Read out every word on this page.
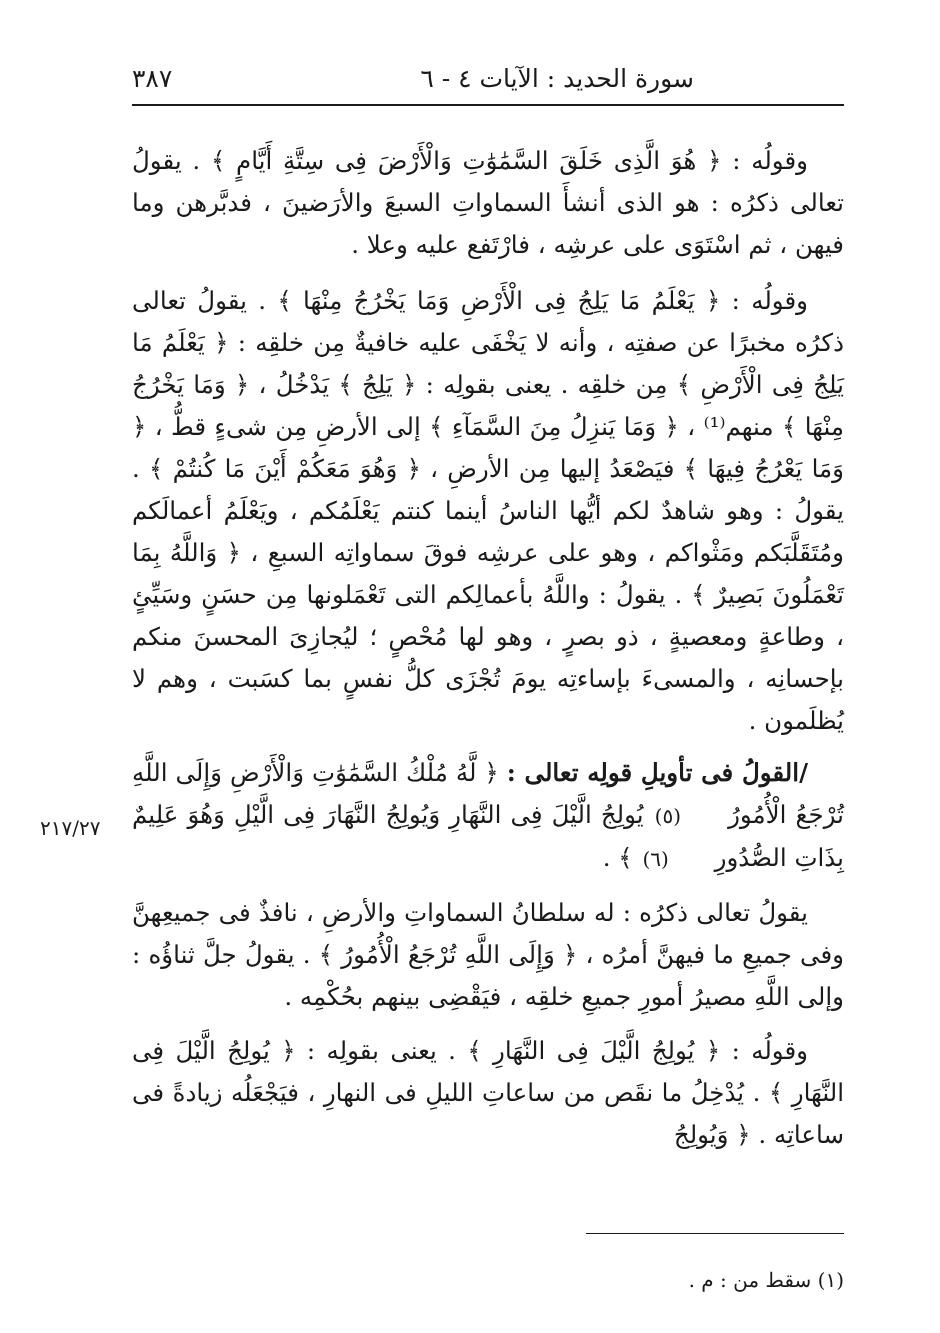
سورة الحديد : الآيات ٤ - ٦
٣٨٧

وقولُه : ﴿ هُوَ الَّذِى خَلَقَ السَّمَٰوَٰتِ وَالْأَرْضَ فِى سِتَّةِ أَيَّامٍ ﴾ . يقولُ تعالى ذكرُه : هو الذى أنشأَ السماواتِ السبعَ والأرَضينَ ، فدبَّرهن وما فيهن ، ثم اسْتَوَى على عرشِه ، فارْتَفع عليه وعلا .

وقولُه : ﴿ يَعْلَمُ مَا يَلِجُ فِى الْأَرْضِ وَمَا يَخْرُجُ مِنْهَا ﴾ . يقولُ تعالى ذكرُه مخبرًا عن صفتِه ، وأنه لا يَخْفَى عليه خافيةٌ مِن خلقِه : ﴿ يَعْلَمُ مَا يَلِجُ فِى الْأَرْضِ ﴾ مِن خلقِه . يعنى بقولِه : ﴿ يَلِجُ ﴾ يَدْخُلُ ، ﴿ وَمَا يَخْرُجُ مِنْهَا ﴾ منهم⁽¹⁾ ، ﴿ وَمَا يَنزِلُ مِنَ السَّمَآءِ ﴾ إلى الأرضِ مِن شىءٍ قطُّ ، ﴿ وَمَا يَعْرُجُ فِيهَا ﴾ فيَصْعَدُ إليها مِن الأرضِ ، ﴿ وَهُوَ مَعَكُمْ أَيْنَ مَا كُنتُمْ ﴾ . يقولُ : وهو شاهدٌ لكم أيُّها الناسُ أينما كنتم يَعْلَمُكم ، ويَعْلَمُ أعمالَكم ومُتَقَلَّبَكم ومَثْواكم ، وهو على عرشِه فوقَ سماواتِه السبعِ ، ﴿ وَاللَّهُ بِمَا تَعْمَلُونَ بَصِيرٌ ﴾ . يقولُ : واللَّهُ بأعمالِكم التى تَعْمَلونها مِن حسَنٍ وسَيِّئٍ ، وطاعةٍ ومعصيةٍ ، ذو بصرٍ ، وهو لها مُحْصٍ ؛ ليُجازِىَ المحسنَ منكم بإحسانِه ، والمسىءَ بإساءتِه يومَ تُجْزَى كلُّ نفسٍ بما كسَبت ، وهم لا يُظلَمون .

/القولُ فى تأويلِ قولِه تعالى : ﴿ لَّهُ مُلْكُ السَّمَٰوَٰتِ وَالْأَرْضِ وَإِلَى اللَّهِ تُرْجَعُ الْأُمُورُ (٥) يُولِجُ الَّيْلَ فِى النَّهَارِ وَيُولِجُ النَّهَارَ فِى الَّيْلِ وَهُوَ عَلِيمٌ بِذَاتِ الصُّدُورِ (٦) ﴾ .

يقولُ تعالى ذكرُه : له سلطانُ السماواتِ والأرضِ ، نافذٌ فى جميعِهنَّ وفى جميعِ ما فيهنَّ أمرُه ، ﴿ وَإِلَى اللَّهِ تُرْجَعُ الْأُمُورُ ﴾ . يقولُ جلَّ ثناؤُه : وإلى اللَّهِ مصيرُ أمورِ جميعِ خلقِه ، فيَقْضِى بينهم بحُكْمِه .

وقولُه : ﴿ يُولِجُ الَّيْلَ فِى النَّهَارِ ﴾ . يعنى بقولِه : ﴿ يُولِجُ الَّيْلَ فِى النَّهَارِ ﴾ . يُدْخِلُ ما نقَص من ساعاتِ الليلِ فى النهارِ ، فيَجْعَلُه زيادةً فى ساعاتِه . ﴿ وَيُولِجُ

٢١٧/٢٧
(١) سقط من : م .
